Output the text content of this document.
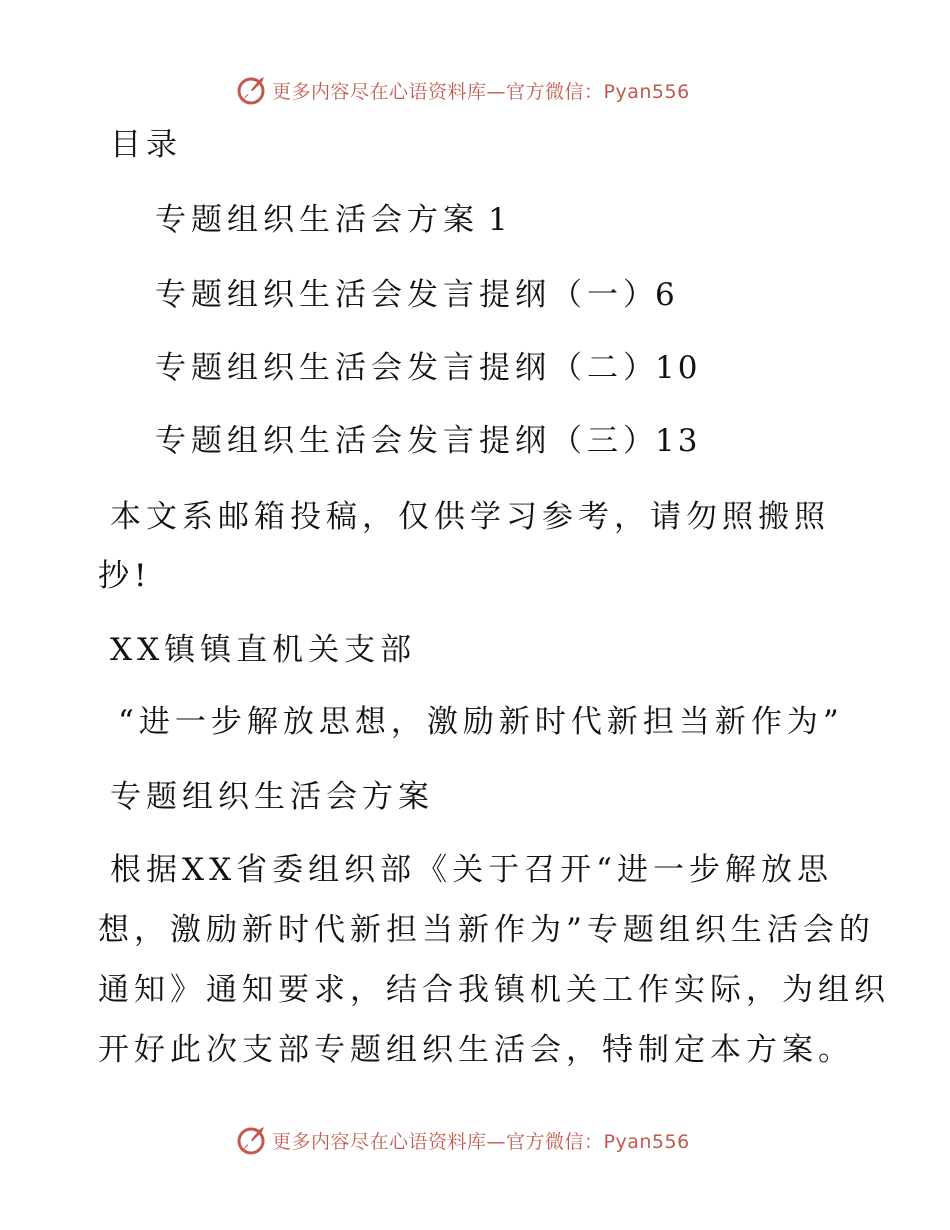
更多内容尽在心语资料库—官方微信：Pyan556
目录
专题组织生活会方案 1
专题组织生活会发言提纲（一）
6
专题组织生活会发言提纲（二）
10
专题组织生活会发言提纲（三）
13
本文系邮箱投稿，仅供学习参考，请勿照搬照
抄!
XX镇镇直机关支部
“进一步解放思想，激励新时代新担当新作为”
专题组织生活会方案
根据XX省委组织部《关于召开“进一步解放思
想，激励新时代新担当新作为”专题组织生活会的
通知》通知要求，结合我镇机关工作实际，为组织
开好此次支部专题组织生活会，特制定本方案。
更多内容尽在心语资料库—官方微信：Pyan556
